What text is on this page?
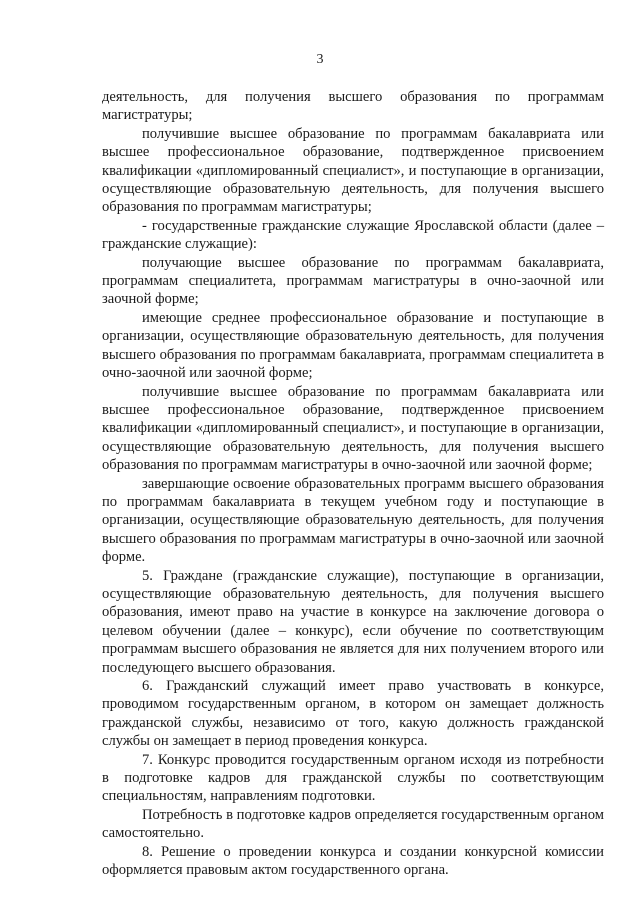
3

деятельность, для получения высшего образования по программам магистратуры;

получившие высшее образование по программам бакалавриата или высшее профессиональное образование, подтвержденное присвоением квалификации «дипломированный специалист», и поступающие в организации, осуществляющие образовательную деятельность, для получения высшего образования по программам магистратуры;

- государственные гражданские служащие Ярославской области (далее – гражданские служащие):

получающие высшее образование по программам бакалавриата, программам специалитета, программам магистратуры в очно-заочной или заочной форме;

имеющие среднее профессиональное образование и поступающие в организации, осуществляющие образовательную деятельность, для получения высшего образования по программам бакалавриата, программам специалитета в очно-заочной или заочной форме;

получившие высшее образование по программам бакалавриата или высшее профессиональное образование, подтвержденное присвоением квалификации «дипломированный специалист», и поступающие в организации, осуществляющие образовательную деятельность, для получения высшего образования по программам магистратуры в очно-заочной или заочной форме;

завершающие освоение образовательных программ высшего образования по программам бакалавриата в текущем учебном году и поступающие в организации, осуществляющие образовательную деятельность, для получения высшего образования по программам магистратуры в очно-заочной или заочной форме.

5. Граждане (гражданские служащие), поступающие в организации, осуществляющие образовательную деятельность, для получения высшего образования, имеют право на участие в конкурсе на заключение договора о целевом обучении (далее – конкурс), если обучение по соответствующим программам высшего образования не является для них получением второго или последующего высшего образования.

6. Гражданский служащий имеет право участвовать в конкурсе, проводимом государственным органом, в котором он замещает должность гражданской службы, независимо от того, какую должность гражданской службы он замещает в период проведения конкурса.

7. Конкурс проводится государственным органом исходя из потребности в подготовке кадров для гражданской службы по соответствующим специальностям, направлениям подготовки.

Потребность в подготовке кадров определяется государственным органом самостоятельно.

8. Решение о проведении конкурса и создании конкурсной комиссии оформляется правовым актом государственного органа.
